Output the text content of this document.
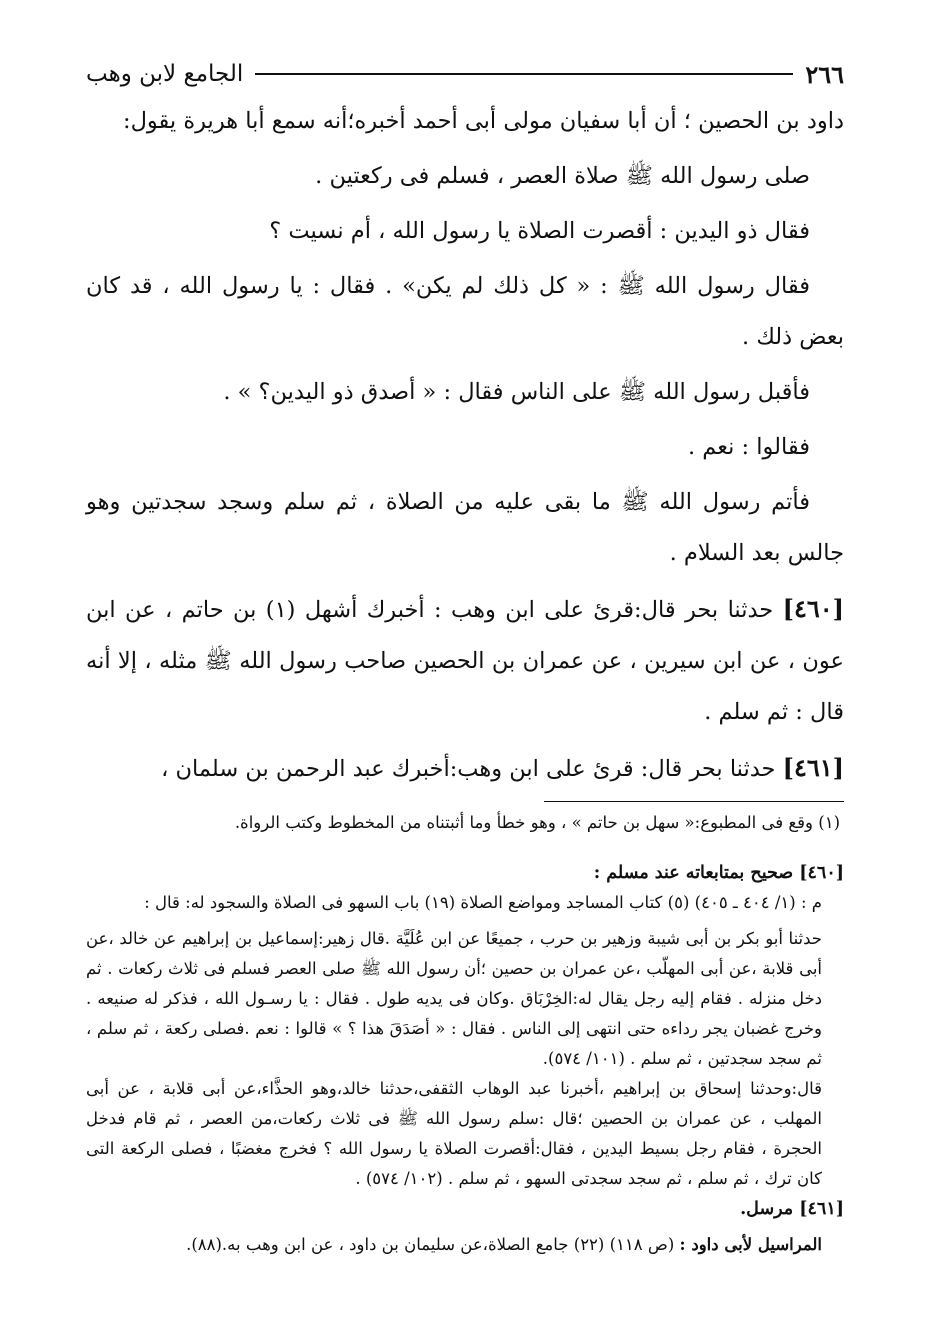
٢٦٦
الجامع لابن وهب

داود بن الحصين ؛ أن أبا سفيان مولى أبى أحمد أخبره؛أنه سمع أبا هريرة يقول:

صلى رسول الله ﷺ صلاة العصر ، فسلم فى ركعتين .

فقال ذو اليدين : أقصرت الصلاة يا رسول الله ، أم نسيت ؟

فقال رسول الله ﷺ : « كل ذلك لم يكن» . فقال : يا رسول الله ، قد كان بعض ذلك .

فأقبل رسول الله ﷺ على الناس فقال : « أصدق ذو اليدين؟ » .

فقالوا : نعم .

فأتم رسول الله ﷺ ما بقى عليه من الصلاة ، ثم سلم وسجد سجدتين وهو جالس بعد السلام .

[٤٦٠] حدثنا بحر قال:قرئ على ابن وهب : أخبرك أشهل (١) بن حاتم ، عن ابن عون ، عن ابن سيرين ، عن عمران بن الحصين صاحب رسول الله ﷺ مثله ، إلا أنه قال : ثم سلم .

[٤٦١] حدثنا بحر قال: قرئ على ابن وهب:أخبرك عبد الرحمن بن سلمان ،

(١) وقع فى المطبوع:« سهل بن حاتم » ، وهو خطأ وما أثبتناه من المخطوط وكتب الرواة.

[٤٦٠] صحيح بمتابعاته عند مسلم :

م : (١/ ٤٠٤ ـ ٤٠٥) (٥) كتاب المساجد ومواضع الصلاة (١٩) باب السهو فى الصلاة والسجود له: قال :

حدثنا أبو بكر بن أبى شيبة وزهير بن حرب ، جميعًا عن ابن عُلَيَّة .قال زهير:إسماعيل بن إبراهيم عن خالد ،عن أبى قلابة ،عن أبى المهلّب ،عن عمران بن حصين ؛أن رسول الله ﷺ صلى العصر فسلم فى ثلاث ركعات . ثم دخل منزله . فقام إليه رجل يقال له:الخِرْبَاق .وكان فى يديه طول . فقال : يا رسـول الله ، فذكر له صنيعه . وخرج غضبان يجر رداءه حتى انتهى إلى الناس . فقال : « أصَدَقَ هذا ؟ » قالوا : نعم .فصلى ركعة ، ثم سلم ، ثم سجد سجدتين ، ثم سلم . (١٠١/ ٥٧٤).

قال:وحدثنا إسحاق بن إبراهيم ،أخبرنا عبد الوهاب الثقفى،حدثنا خالد،وهو الحذَّاء،عن أبى قلابة ، عن أبى المهلب ، عن عمران بن الحصين ؛قال :سلم رسول الله ﷺ فى ثلاث ركعات،من العصر ، ثم قام فدخل الحجرة ، فقام رجل بسيط اليدين ، فقال:أقصرت الصلاة يا رسول الله ؟ فخرج مغضبًا ، فصلى الركعة التى كان ترك ، ثم سلم ، ثم سجد سجدتى السهو ، ثم سلم . (١٠٢/ ٥٧٤) .

[٤٦١] مرسل.

المراسيل لأبى داود : (ص ١١٨) (٢٢) جامع الصلاة،عن سليمان بن داود ، عن ابن وهب به.(٨٨).
